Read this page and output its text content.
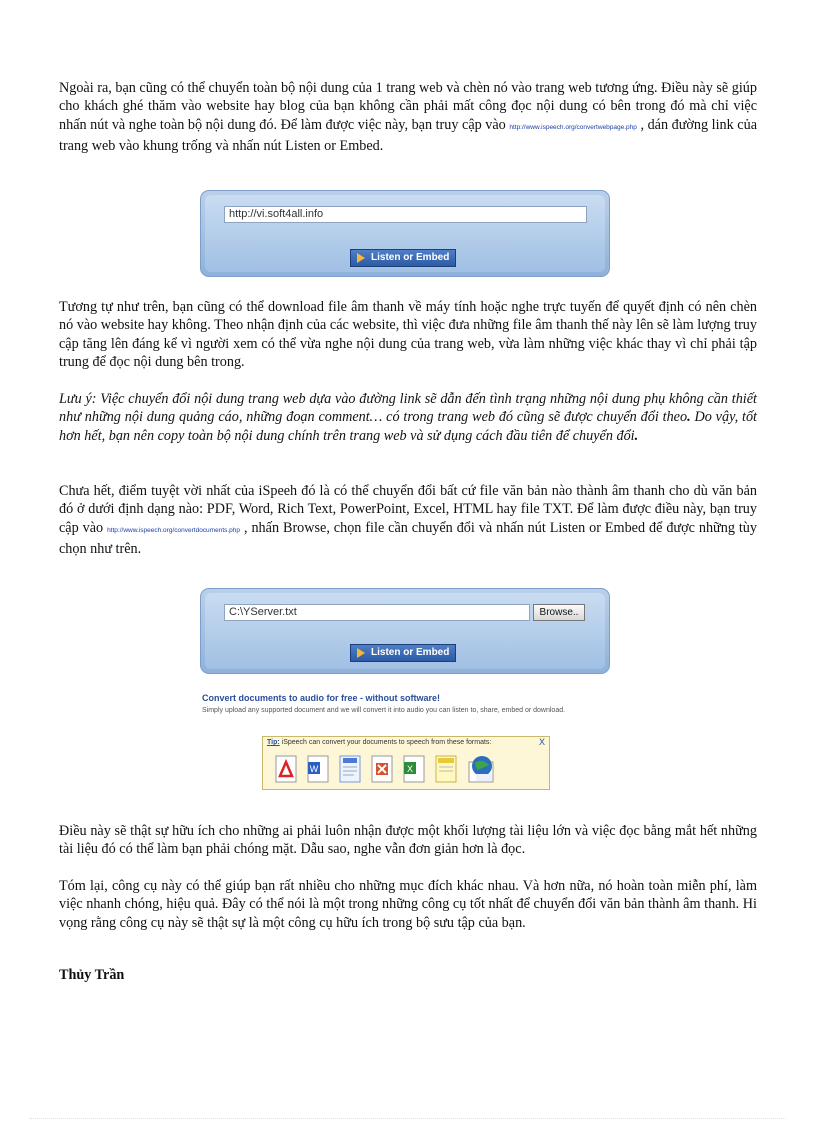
Ngoài ra, bạn cũng có thể chuyển toàn bộ nội dung của 1 trang web và chèn nó vào trang web tương ứng. Điều này sẽ giúp cho khách ghé thăm vào website hay blog của bạn không cần phải mất công đọc nội dung có bên trong đó mà chỉ việc nhấn nút và nghe toàn bộ nội dung đó. Để làm được việc này, bạn truy cập vào http://www.ispeech.org/convertwebpage.php , dán đường link của trang web vào khung trống và nhấn nút Listen or Embed.

http://vi.soft4all.info
Listen or Embed

Tương tự như trên, bạn cũng có thể download file âm thanh về máy tính hoặc nghe trực tuyến để quyết định có nên chèn nó vào website hay không. Theo nhận định của các website, thì việc đưa những file âm thanh thế này lên sẽ làm lượng truy cập tăng lên đáng kể vì người xem có thể vừa nghe nội dung của trang web, vừa làm những việc khác thay vì chỉ phải tập trung để đọc nội dung bên trong.

Lưu ý: Việc chuyển đổi nội dung trang web dựa vào đường link sẽ dẫn đến tình trạng những nội dung phụ không cần thiết như những nội dung quảng cáo, những đoạn comment… có trong trang web đó cũng sẽ được chuyển đổi theo. Do vậy, tốt hơn hết, bạn nên copy toàn bộ nội dung chính trên trang web và sử dụng cách đầu tiên để chuyển đổi.

Chưa hết, điểm tuyệt vời nhất của iSpeeh đó là có thể chuyển đổi bất cứ file văn bản nào thành âm thanh cho dù văn bản đó ở dưới định dạng nào: PDF, Word, Rich Text, PowerPoint, Excel, HTML hay file TXT. Để làm được điều này, bạn truy cập vào http://www.ispeech.org/convertdocuments.php , nhấn Browse, chọn file cần chuyển đổi và nhấn nút Listen or Embed để được những tùy chọn như trên.

C:\YServer.txt	Browse..
Listen or Embed

Convert documents to audio for free - without software!

Simply upload any supported document and we will convert it into audio you can listen to, share, embed or download.

Tip: iSpeech can convert your documents to speech from these formats:	X
W	X

Điều này sẽ thật sự hữu ích cho những ai phải luôn nhận được một khối lượng tài liệu lớn và việc đọc bằng mắt hết những tài liệu đó có thể làm bạn phải chóng mặt. Dẫu sao, nghe vẫn đơn giản hơn là đọc.

Tóm lại, công cụ này có thể giúp bạn rất nhiều cho những mục đích khác nhau. Và hơn nữa, nó hoàn toàn miễn phí, làm việc nhanh chóng, hiệu quả. Đây có thể nói là một trong những công cụ tốt nhất để chuyển đổi văn bản thành âm thanh. Hi vọng rằng công cụ này sẽ thật sự là một công cụ hữu ích trong bộ sưu tập của bạn.

Thủy Trần
